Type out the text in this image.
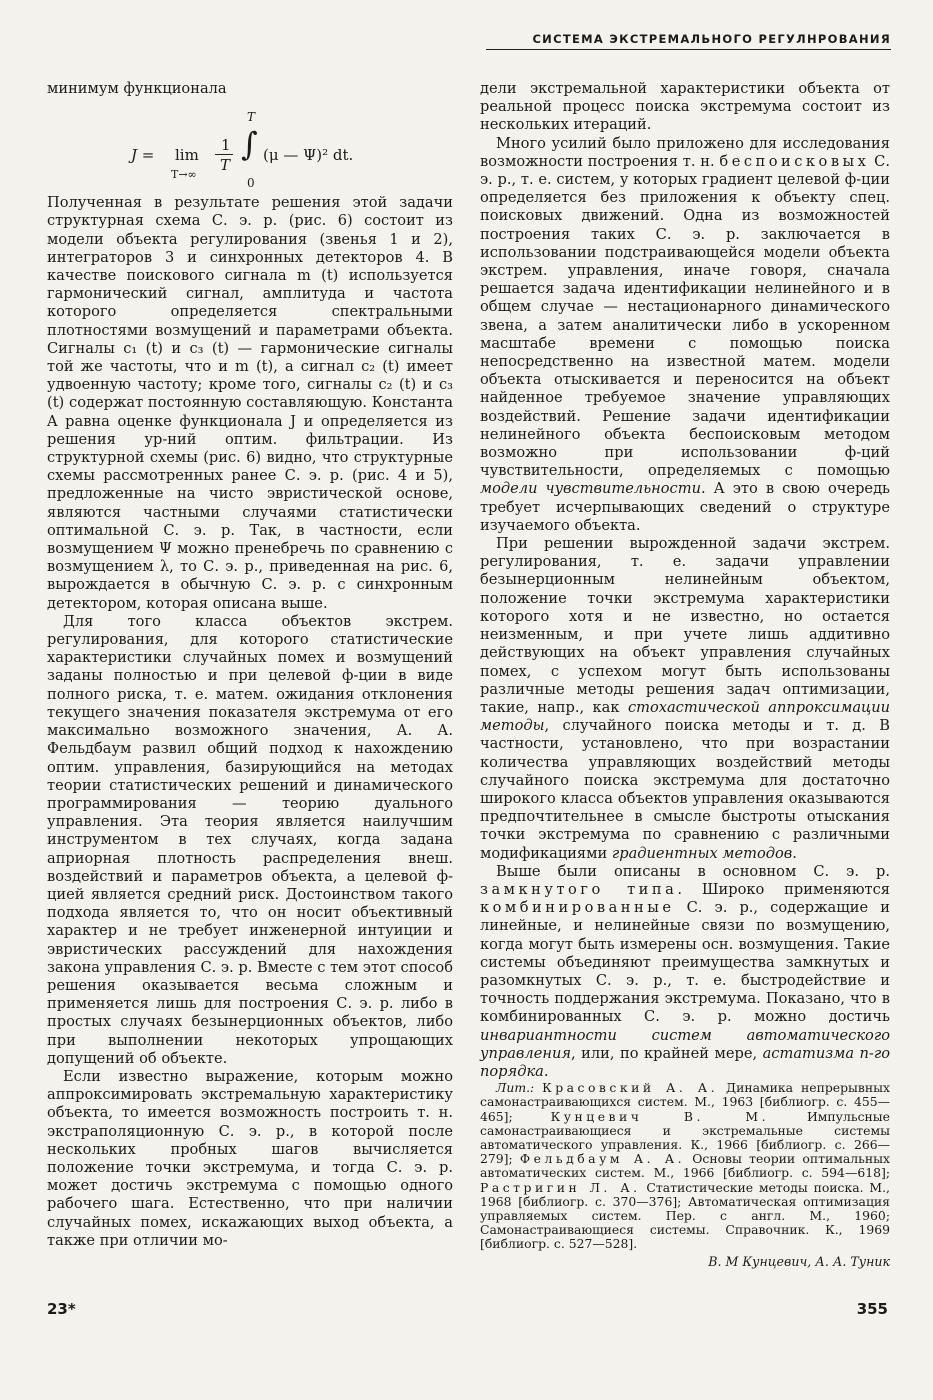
СИСТЕМА ЭКСТРЕМАЛЬНОГО РЕГУЛНРОВАНИЯ

минимум функционала

J = lim
T→∞
1
T
T
∫
0
(μ — Ψ)² dt.

Полученная в результате решения этой задачи структурная схема С. э. р. (рис. 6) состоит из модели объекта регулирования (звенья 1 и 2), интеграторов 3 и синхронных детекторов 4. В качестве поискового сигнала m (t) используется гармонический сигнал, амплитуда и частота которого определяется спектральными плотностями возмущений и параметрами объекта. Сигналы c₁ (t) и c₃ (t) — гармонические сигналы той же частоты, что и m (t), а сигнал c₂ (t) имеет удвоенную частоту; кроме того, сигналы c₂ (t) и c₃ (t) содержат постоянную составляющую. Константа A равна оценке функционала J и определяется из решения ур-ний оптим. фильтрации. Из структурной схемы (рис. 6) видно, что структурные схемы рассмотренных ранее С. э. р. (рис. 4 и 5), предложенные на чисто эвристической основе, являются частными случаями статистически оптимальной С. э. р. Так, в частности, если возмущением Ψ можно пренебречь по сравнению с возмущением λ, то С. э. р., приведенная на рис. 6, вырождается в обычную С. э. р. с синхронным детектором, которая описана выше.

Для того класса объектов экстрем. регулирования, для которого статистические характеристики случайных помех и возмущений заданы полностью и при целевой ф-ции в виде полного риска, т. е. матем. ожидания отклонения текущего значения показателя экстремума от его максимально возможного значения, А. А. Фельдбаум развил общий подход к нахождению оптим. управления, базирующийся на методах теории статистических решений и динамического программирования — теорию дуального управления. Эта теория является наилучшим инструментом в тех случаях, когда задана априорная плотность распределения внеш. воздействий и параметров объекта, а целевой ф-цией является средний риск. Достоинством такого подхода является то, что он носит объективный характер и не требует инженерной интуиции и эвристических рассуждений для нахождения закона управления С. э. р. Вместе с тем этот способ решения оказывается весьма сложным и применяется лишь для построения С. э. р. либо в простых случаях безынерционных объектов, либо при выполнении некоторых упрощающих допущений об объекте.

Если известно выражение, которым можно аппроксимировать экстремальную характеристику объекта, то имеется возможность построить т. н. экстраполяционную С. э. р., в которой после нескольких пробных шагов вычисляется положение точки экстремума, и тогда С. э. р. может достичь экстремума с помощью одного рабочего шага. Естественно, что при наличии случайных помех, искажающих выход объекта, а также при отличии мо-

дели экстремальной характеристики объекта от реальной процесс поиска экстремума состоит из нескольких итераций.

Много усилий было приложено для исследования возможности построения т. н. беспоисковых С. э. р., т. е. систем, у которых градиент целевой ф-ции определяется без приложения к объекту спец. поисковых движений. Одна из возможностей построения таких С. э. р. заключается в использовании подстраивающейся модели объекта экстрем. управления, иначе говоря, сначала решается задача идентификации нелинейного и в общем случае — нестационарного динамического звена, а затем аналитически либо в ускоренном масштабе времени с помощью поиска непосредственно на известной матем. модели объекта отыскивается и переносится на объект найденное требуемое значение управляющих воздействий. Решение задачи идентификации нелинейного объекта беспоисковым методом возможно при использовании ф-ций чувствительности, определяемых с помощью модели чувствительности. А это в свою очередь требует исчерпывающих сведений о структуре изучаемого объекта.

При решении вырожденной задачи экстрем. регулирования, т. е. задачи управлении безынерционным нелинейным объектом, положение точки экстремума характеристики которого хотя и не известно, но остается неизменным, и при учете лишь аддитивно действующих на объект управления случайных помех, с успехом могут быть использованы различные методы решения задач оптимизации, такие, напр., как стохастической аппроксимации методы, случайного поиска методы и т. д. В частности, установлено, что при возрастании количества управляющих воздействий методы случайного поиска экстремума для достаточно широкого класса объектов управления оказываются предпочтительнее в смысле быстроты отыскания точки экстремума по сравнению с различными модификациями градиентных методов.

Выше были описаны в основном С. э. р. замкнутого типа. Широко применяются комбинированные С. э. р., содержащие и линейные, и нелинейные связи по возмущению, когда могут быть измерены осн. возмущения. Такие системы объединяют преимущества замкнутых и разомкнутых С. э. р., т. е. быстродействие и точность поддержания экстремума. Показано, что в комбинированных С. э. р. можно достичь инвариантности систем автоматического управления, или, по крайней мере, астатизма n-го порядка.

Лит.: Красовский А. А. Динамика непрерывных самонастраивающихся систем. М., 1963 [библиогр. с. 455—465]; Кунцевич В. М. Импульсные самонастраивающиеся и экстремальные системы автоматического управления. К., 1966 [библиогр. с. 266—279]; Фельдбаум А. А. Основы теории оптимальных автоматических систем. М., 1966 [библиогр. с. 594—618]; Растригин Л. А. Статистические методы поиска. М., 1968 [библиогр. с. 370—376]; Автоматическая оптимизация управляемых систем. Пер. с англ. М., 1960; Самонастраивающиеся системы. Справочник. К., 1969 [библиогр. с. 527—528].

В. М Кунцевич, А. А. Туник

23*	355
